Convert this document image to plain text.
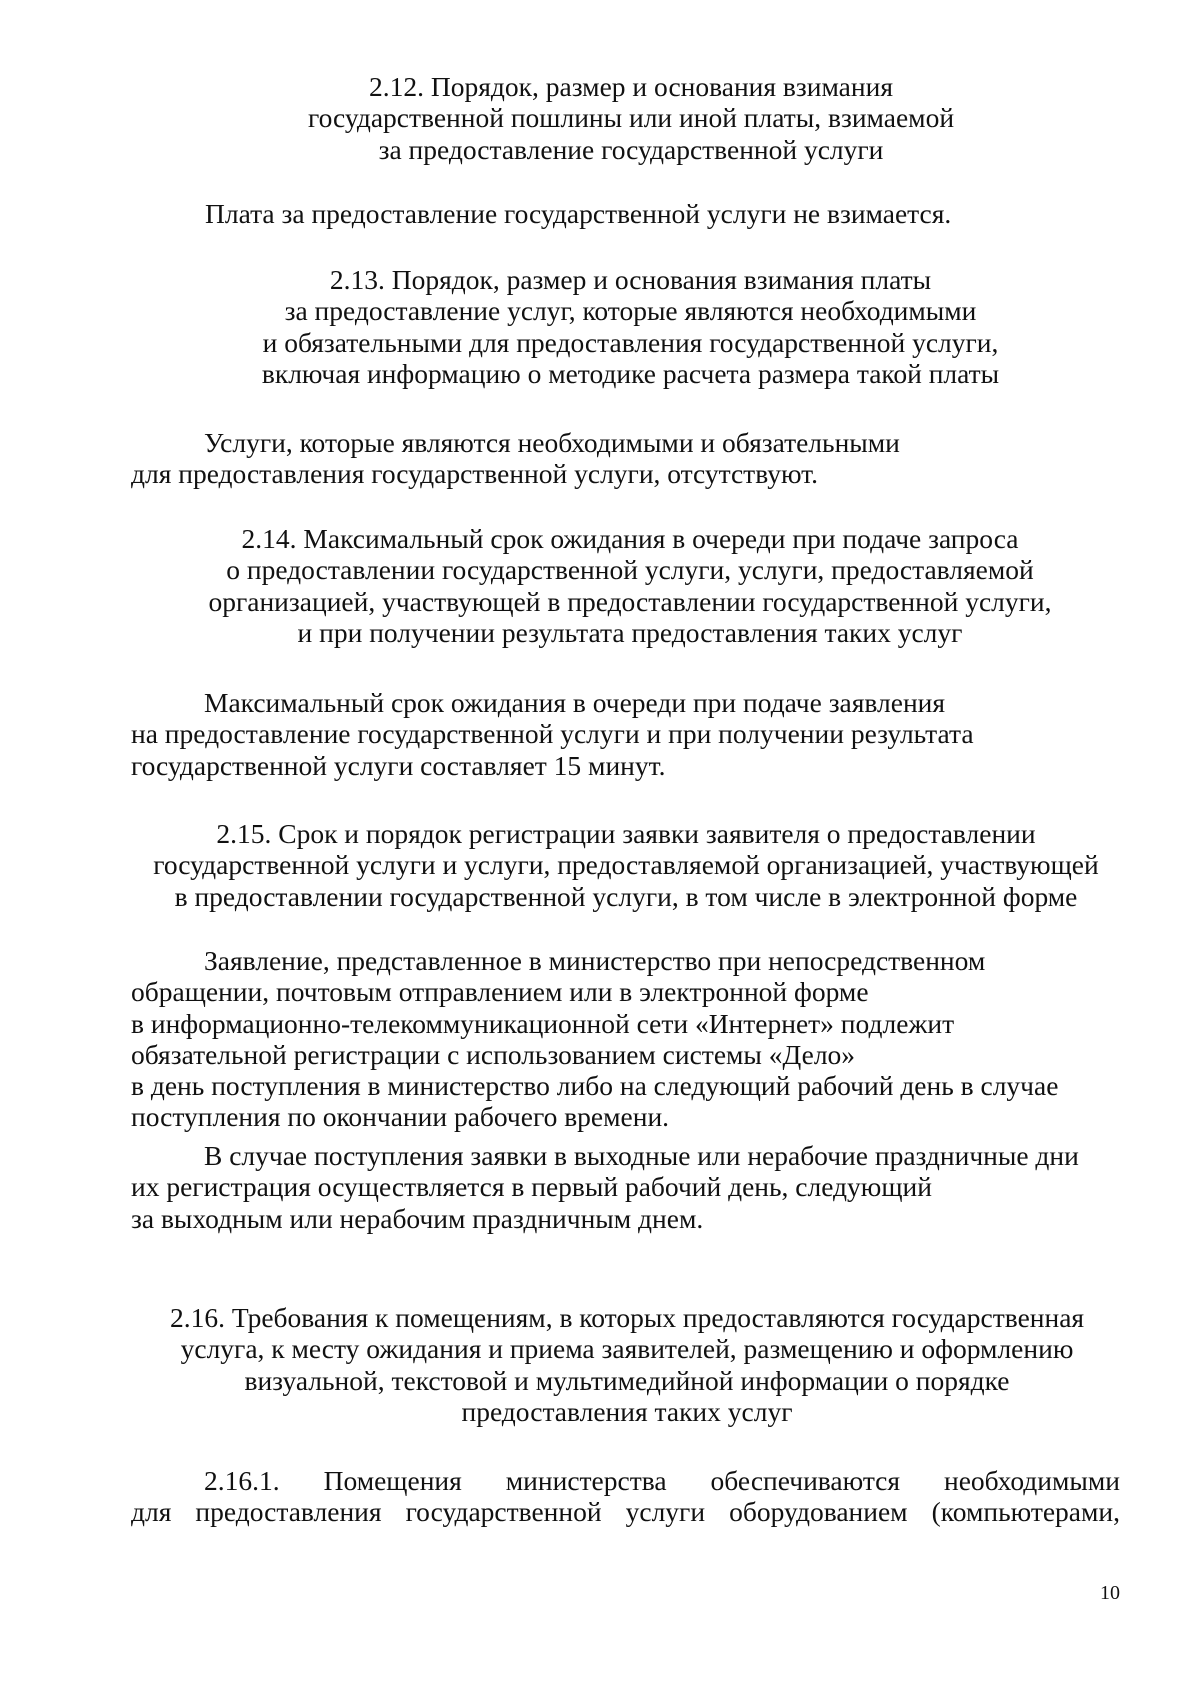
2.12. Порядок, размер и основания взимания
государственной пошлины или иной платы, взимаемой
за предоставление государственной услуги
Плата за предоставление государственной услуги не взимается.
2.13. Порядок, размер и основания взимания платы
за предоставление услуг, которые являются необходимыми
и обязательными для предоставления государственной услуги,
включая информацию о методике расчета размера такой платы
Услуги, которые являются необходимыми и обязательными
для предоставления государственной услуги, отсутствуют.
2.14. Максимальный срок ожидания в очереди при подаче запроса
о предоставлении государственной услуги, услуги, предоставляемой
организацией, участвующей в предоставлении государственной услуги,
и при получении результата предоставления таких услуг
Максимальный срок ожидания в очереди при подаче заявления
на предоставление государственной услуги и при получении результата
государственной услуги составляет 15 минут.
2.15. Срок и порядок регистрации заявки заявителя о предоставлении
государственной услуги и услуги, предоставляемой организацией, участвующей
в предоставлении государственной услуги, в том числе в электронной форме
Заявление, представленное в министерство при непосредственном
обращении, почтовым отправлением или в электронной форме
в информационно-телекоммуникационной сети «Интернет» подлежит
обязательной регистрации с использованием системы «Дело»
в день поступления в министерство либо на следующий рабочий день в случае
поступления по окончании рабочего времени.
В случае поступления заявки в выходные или нерабочие праздничные дни
их регистрация осуществляется в первый рабочий день, следующий
за выходным или нерабочим праздничным днем.
2.16. Требования к помещениям, в которых предоставляются государственная
услуга, к месту ожидания и приема заявителей, размещению и оформлению
визуальной, текстовой и мультимедийной информации о порядке
предоставления таких услуг
2.16.1. Помещения министерства обеспечиваются необходимыми
для предоставления государственной услуги оборудованием (компьютерами,
10
